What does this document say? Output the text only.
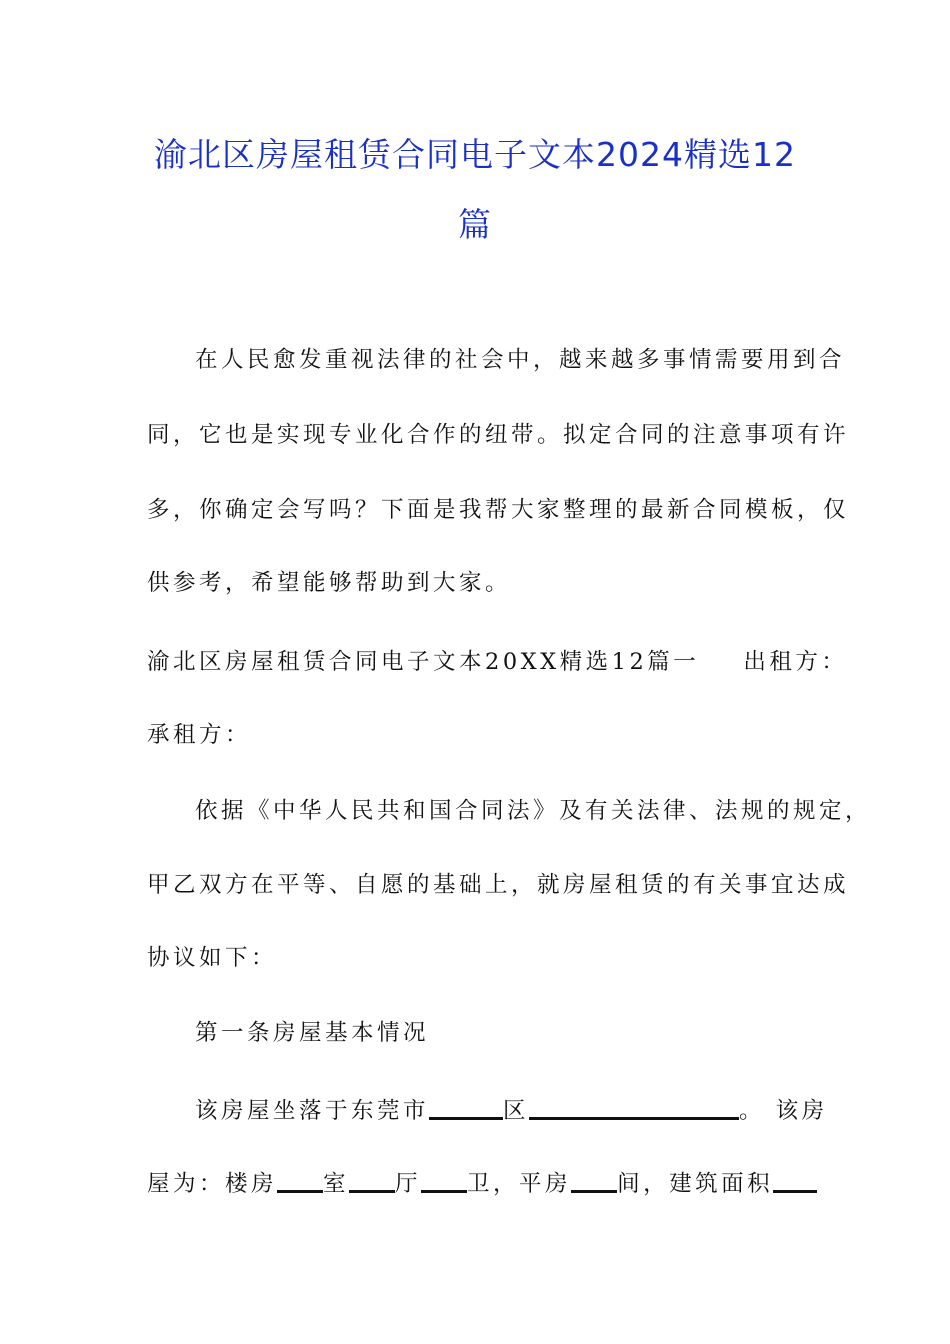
渝北区房屋租赁合同电子文本2024精选12
篇
在人民愈发重视法律的社会中，越来越多事情需要用到合
同，它也是实现专业化合作的纽带。拟定合同的注意事项有许
多，你确定会写吗？下面是我帮大家整理的最新合同模板，仅
供参考，希望能够帮助到大家。
渝北区房屋租赁合同电子文本20XX精选12篇一 出租方：
承租方：
依据《中华人民共和国合同法》及有关法律、法规的规定，
甲乙双方在平等、自愿的基础上，就房屋租赁的有关事宜达成
协议如下：
第一条房屋基本情况
该房屋坐落于东莞市	区	。 该房
屋为：楼房 室 厅 卫，平房 间，建筑面积
